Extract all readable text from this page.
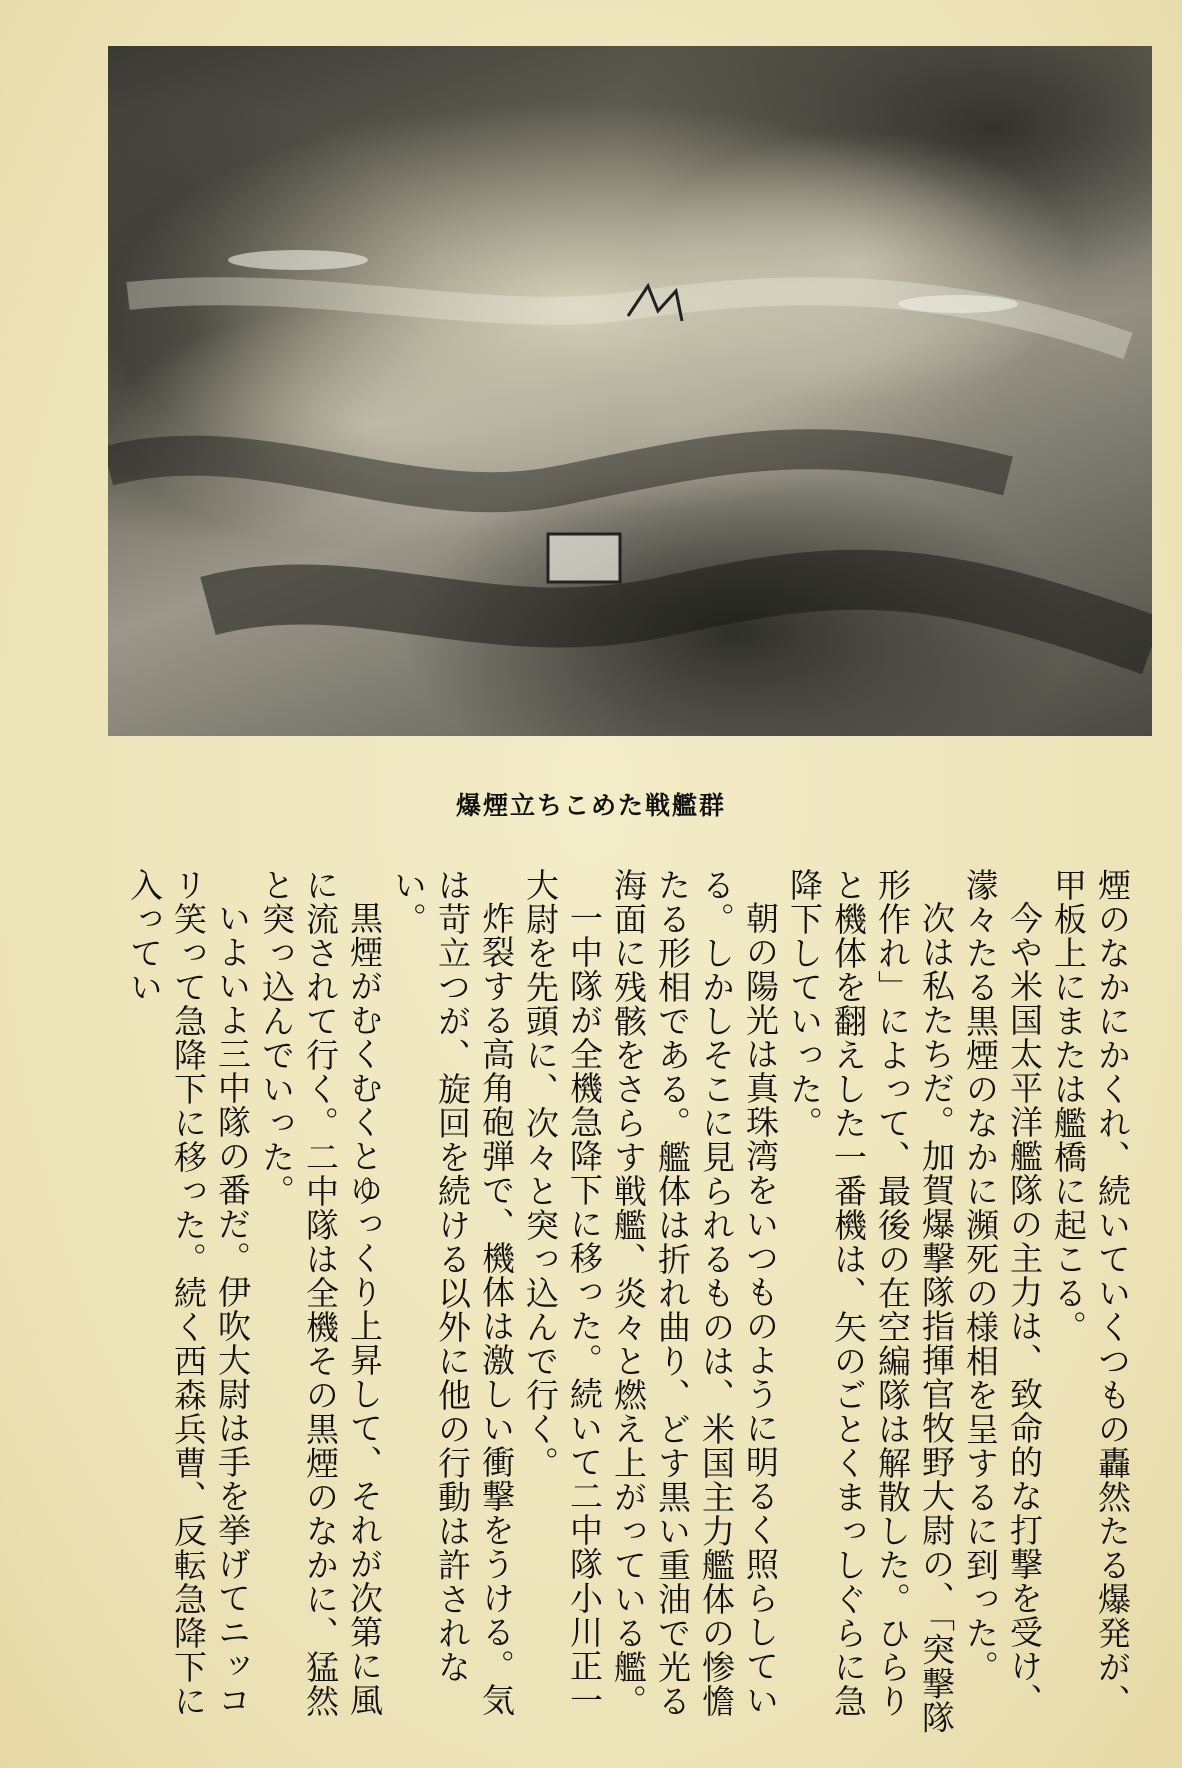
爆煙立ちこめた戦艦群

煙のなかにかくれ、続いていくつもの轟然たる爆発が、甲板上にまたは艦橋に起こる。

今や米国太平洋艦隊の主力は、致命的な打撃を受け、濛々たる黒煙のなかに瀕死の様相を呈するに到った。

次は私たちだ。加賀爆撃隊指揮官牧野大尉の、「突撃隊形作れ」によって、最後の在空編隊は解散した。ひらりと機体を翻えした一番機は、矢のごとくまっしぐらに急降下していった。

朝の陽光は真珠湾をいつものように明るく照らしている。しかしそこに見られるものは、米国主力艦体の惨憺たる形相である。艦体は折れ曲り、どす黒い重油で光る海面に残骸をさらす戦艦、炎々と燃え上がっている艦。

一中隊が全機急降下に移った。続いて二中隊小川正一大尉を先頭に、次々と突っ込んで行く。

炸裂する高角砲弾で、機体は激しい衝撃をうける。気は苛立つが、旋回を続ける以外に他の行動は許されない。

黒煙がむくむくとゆっくり上昇して、それが次第に風に流されて行く。二中隊は全機その黒煙のなかに、猛然と突っ込んでいった。

いよいよ三中隊の番だ。伊吹大尉は手を挙げてニッコリ笑って急降下に移った。続く西森兵曹、反転急降下に入ってい
